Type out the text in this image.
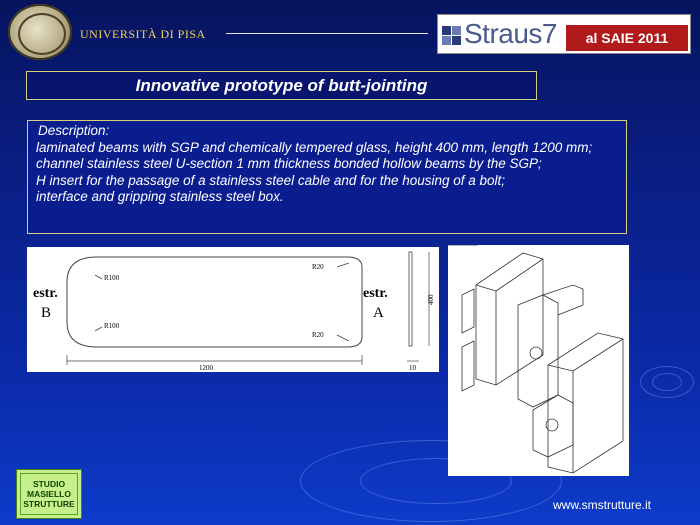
UNIVERSITÀ DI PISA	Straus7	al SAIE 2011
Innovative prototype of butt-jointing
Description:
laminated beams with SGP and chemically tempered glass, height 400 mm, length 1200 mm;
channel stainless steel U-section 1 mm thickness bonded hollow beams by the SGP;
H insert for the passage of a stainless steel cable and for the housing of a bolt;
interface and gripping stainless steel box.
estr.
B
estr.
A
R100
R100
R20
R20
1200
400
10
STUDIO
MASIELLO
STRUTTURE	www.smstrutture.it
